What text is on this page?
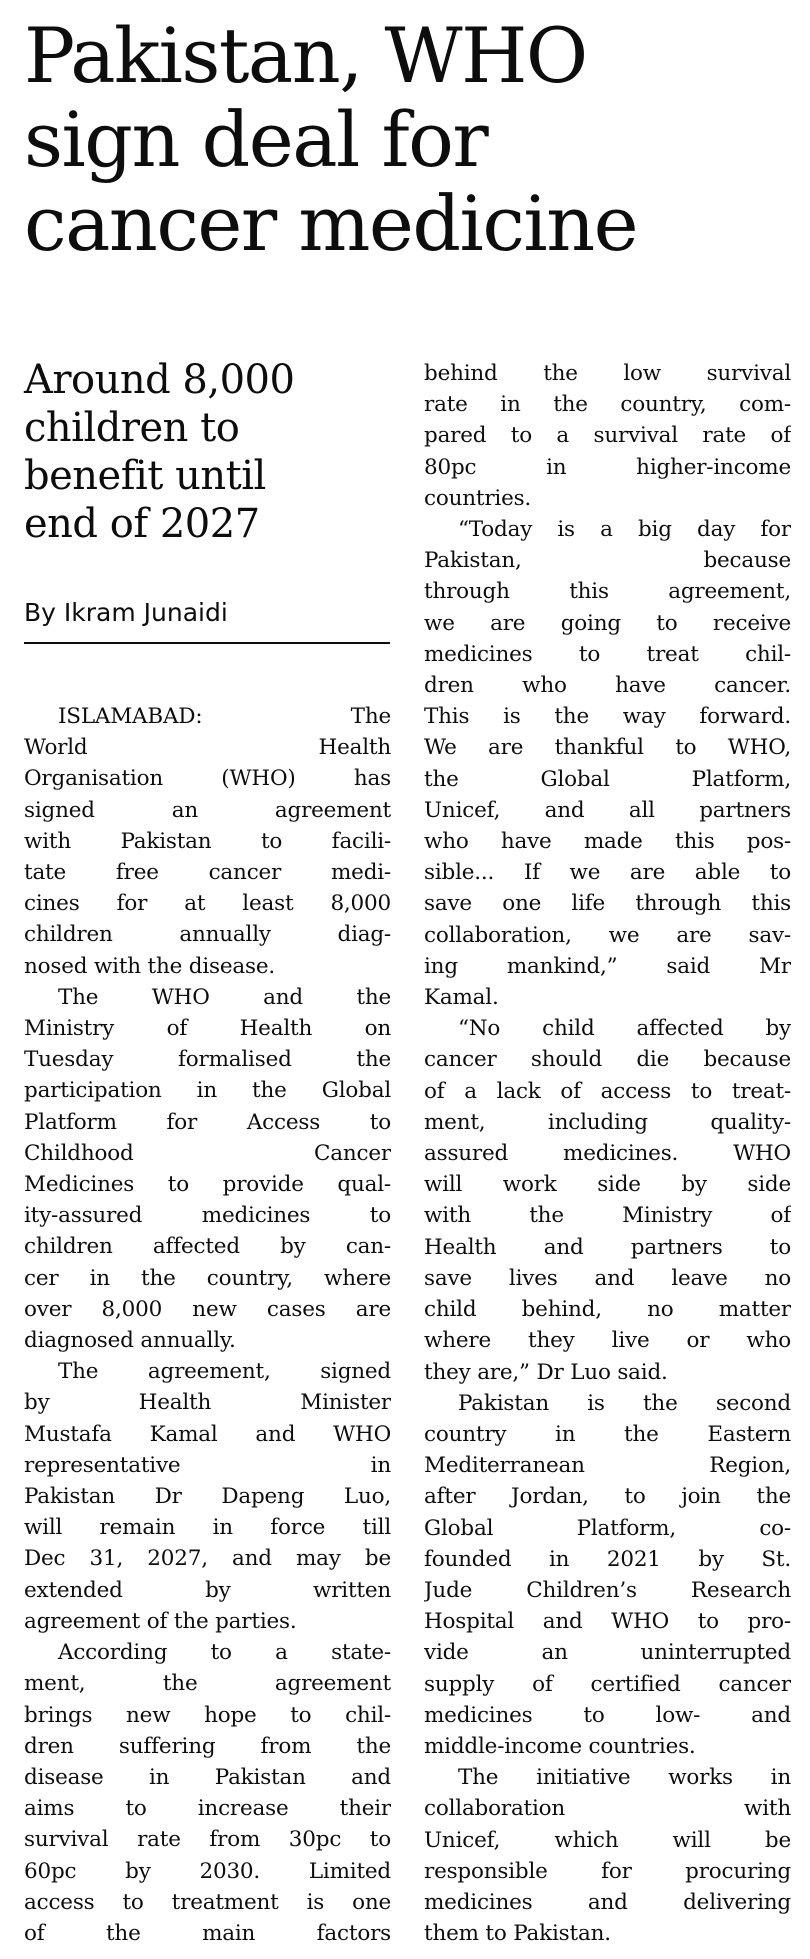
Pakistan, WHO
sign deal for
cancer medicine
Around 8,000
children to
benefit until
end of 2027
By Ikram Junaidi
ISLAMABAD: The
World Health
Organisation (WHO) has
signed an agreement
with Pakistan to facili-
tate free cancer medi-
cines for at least 8,000
children annually diag-
nosed with the disease.
The WHO and the
Ministry of Health on
Tuesday formalised the
participation in the Global
Platform for Access to
Childhood Cancer
Medicines to provide qual-
ity-assured medicines to
children affected by can-
cer in the country, where
over 8,000 new cases are
diagnosed annually.
The agreement, signed
by Health Minister
Mustafa Kamal and WHO
representative in
Pakistan Dr Dapeng Luo,
will remain in force till
Dec 31, 2027, and may be
extended by written
agreement of the parties.
According to a state-
ment, the agreement
brings new hope to chil-
dren suffering from the
disease in Pakistan and
aims to increase their
survival rate from 30pc to
60pc by 2030. Limited
access to treatment is one
of the main factors
behind the low survival
rate in the country, com-
pared to a survival rate of
80pc in higher-income
countries.
“Today is a big day for
Pakistan, because
through this agreement,
we are going to receive
medicines to treat chil-
dren who have cancer.
This is the way forward.
We are thankful to WHO,
the Global Platform,
Unicef, and all partners
who have made this pos-
sible... If we are able to
save one life through this
collaboration, we are sav-
ing mankind,” said Mr
Kamal.
“No child affected by
cancer should die because
of a lack of access to treat-
ment, including quality-
assured medicines. WHO
will work side by side
with the Ministry of
Health and partners to
save lives and leave no
child behind, no matter
where they live or who
they are,” Dr Luo said.
Pakistan is the second
country in the Eastern
Mediterranean Region,
after Jordan, to join the
Global Platform, co-
founded in 2021 by St.
Jude Children’s Research
Hospital and WHO to pro-
vide an uninterrupted
supply of certified cancer
medicines to low- and
middle-income countries.
The initiative works in
collaboration with
Unicef, which will be
responsible for procuring
medicines and delivering
them to Pakistan.
